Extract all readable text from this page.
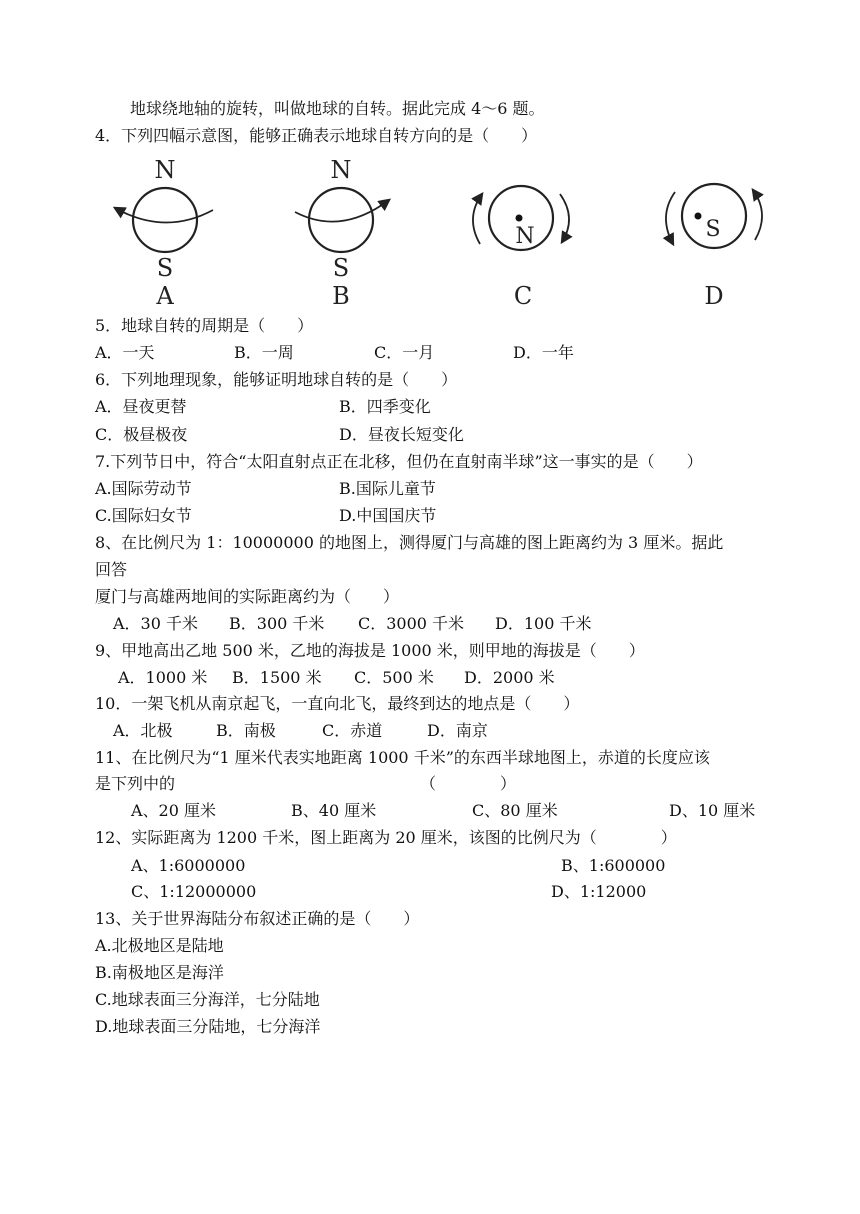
地球绕地轴的旋转，叫做地球的自转。据此完成 4～6 题。
4．下列四幅示意图，能够正确表示地球自转方向的是（　　）
N
S
A
N
S
B
N
C
S
D
5．地球自转的周期是（　　）
A．一天	B．一周	C．一月	D．一年
6．下列地理现象，能够证明地球自转的是（　　）
A．昼夜更替	B．四季变化
C．极昼极夜	D．昼夜长短变化
7.下列节日中，符合“太阳直射点正在北移，但仍在直射南半球”这一事实的是（　　）
A.国际劳动节	B.国际儿童节
C.国际妇女节	D.中国国庆节
8、在比例尺为 1：10000000 的地图上，测得厦门与高雄的图上距离约为 3 厘米。据此
回答
厦门与高雄两地间的实际距离约为（　　）
A．30 千米 B．300 千米 C．3000 千米 D．100 千米
9、甲地高出乙地 500 米，乙地的海拔是 1000 米，则甲地的海拔是（　　）
A．1000 米 B．1500 米 C．500 米 D．2000 米
10．一架飞机从南京起飞，一直向北飞，最终到达的地点是（　　）
A．北极	B．南极	C．赤道	D．南京
11、在比例尺为“1 厘米代表实地距离 1000 千米”的东西半球地图上，赤道的长度应该
是下列中的	（　　　　）
A、20 厘米	B、40 厘米	C、80 厘米	D、10 厘米
12、实际距离为 1200 千米，图上距离为 20 厘米，该图的比例尺为（　　　　）
A、1:6000000	B、1:600000
C、1:12000000	D、1:12000
13、关于世界海陆分布叙述正确的是（　　）
A.北极地区是陆地
B.南极地区是海洋
C.地球表面三分海洋，七分陆地
D.地球表面三分陆地，七分海洋
